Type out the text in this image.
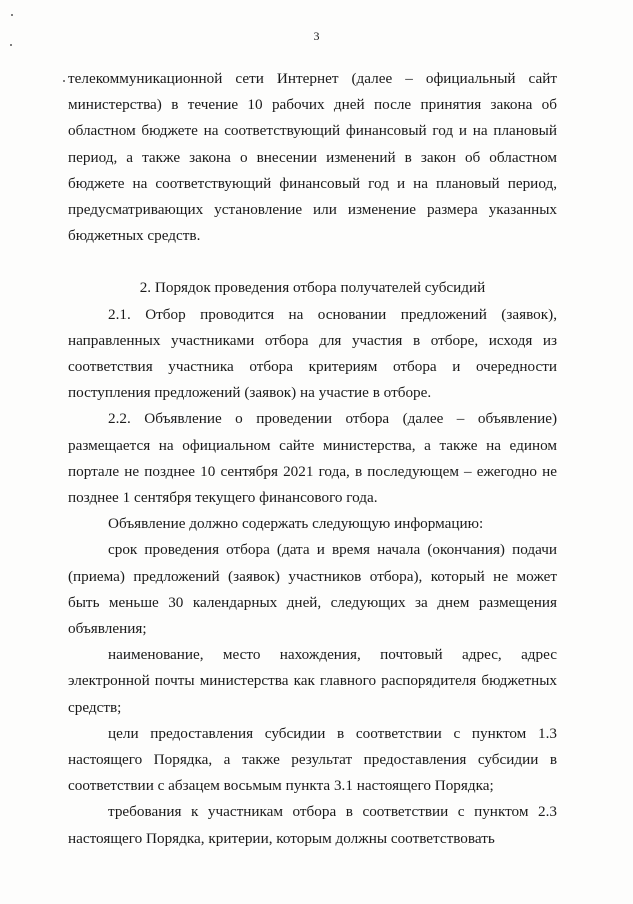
3

телекоммуникационной сети Интернет (далее – официальный сайт министерства) в течение 10 рабочих дней после принятия закона об областном бюджете на соответствующий финансовый год и на плановый период, а также закона о внесении изменений в закон об областном бюджете на соответствующий финансовый год и на плановый период, предусматривающих установление или изменение размера указанных бюджетных средств.

2. Порядок проведения отбора получателей субсидий

2.1. Отбор проводится на основании предложений (заявок), направленных участниками отбора для участия в отборе, исходя из соответствия участника отбора критериям отбора и очередности поступления предложений (заявок) на участие в отборе.

2.2. Объявление о проведении отбора (далее – объявление) размещается на официальном сайте министерства, а также на едином портале не позднее 10 сентября 2021 года, в последующем – ежегодно не позднее 1 сентября текущего финансового года.

Объявление должно содержать следующую информацию:

срок проведения отбора (дата и время начала (окончания) подачи (приема) предложений (заявок) участников отбора), который не может быть меньше 30 календарных дней, следующих за днем размещения объявления;

наименование, место нахождения, почтовый адрес, адрес электронной почты министерства как главного распорядителя бюджетных средств;

цели предоставления субсидии в соответствии с пунктом 1.3 настоящего Порядка, а также результат предоставления субсидии в соответствии с абзацем восьмым пункта 3.1 настоящего Порядка;

требования к участникам отбора в соответствии с пунктом 2.3 настоящего Порядка, критерии, которым должны соответствовать
